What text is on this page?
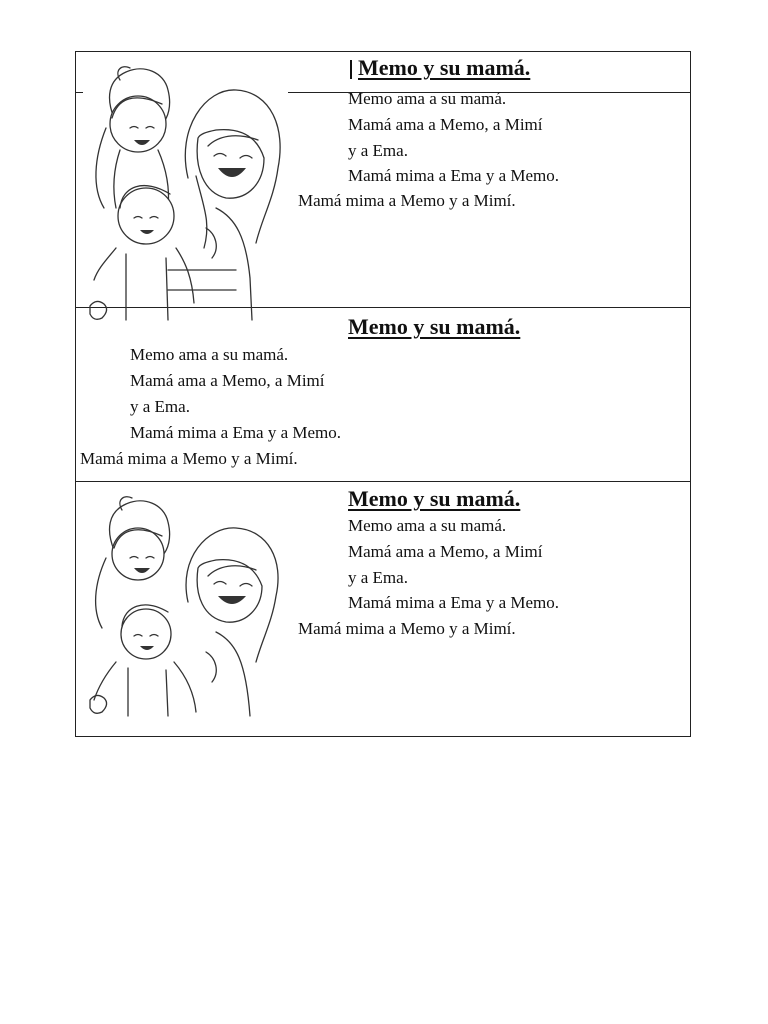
Memo y su mamá.
Memo ama a su mamá.
Mamá ama a Memo, a Mimí
y a Ema.
Mamá mima a Ema y a Memo.
Mamá mima a Memo y a Mimí.
Memo y su mamá.
Memo ama a su mamá.
Mamá ama a Memo, a Mimí
y a Ema.
Mamá mima a Ema y a Memo.
Mamá mima a Memo y a Mimí.
Memo y su mamá.
Memo ama a su mamá.
Mamá ama a Memo, a Mimí
y a Ema.
Mamá mima a Ema y a Memo.
Mamá mima a Memo y a Mimí.
